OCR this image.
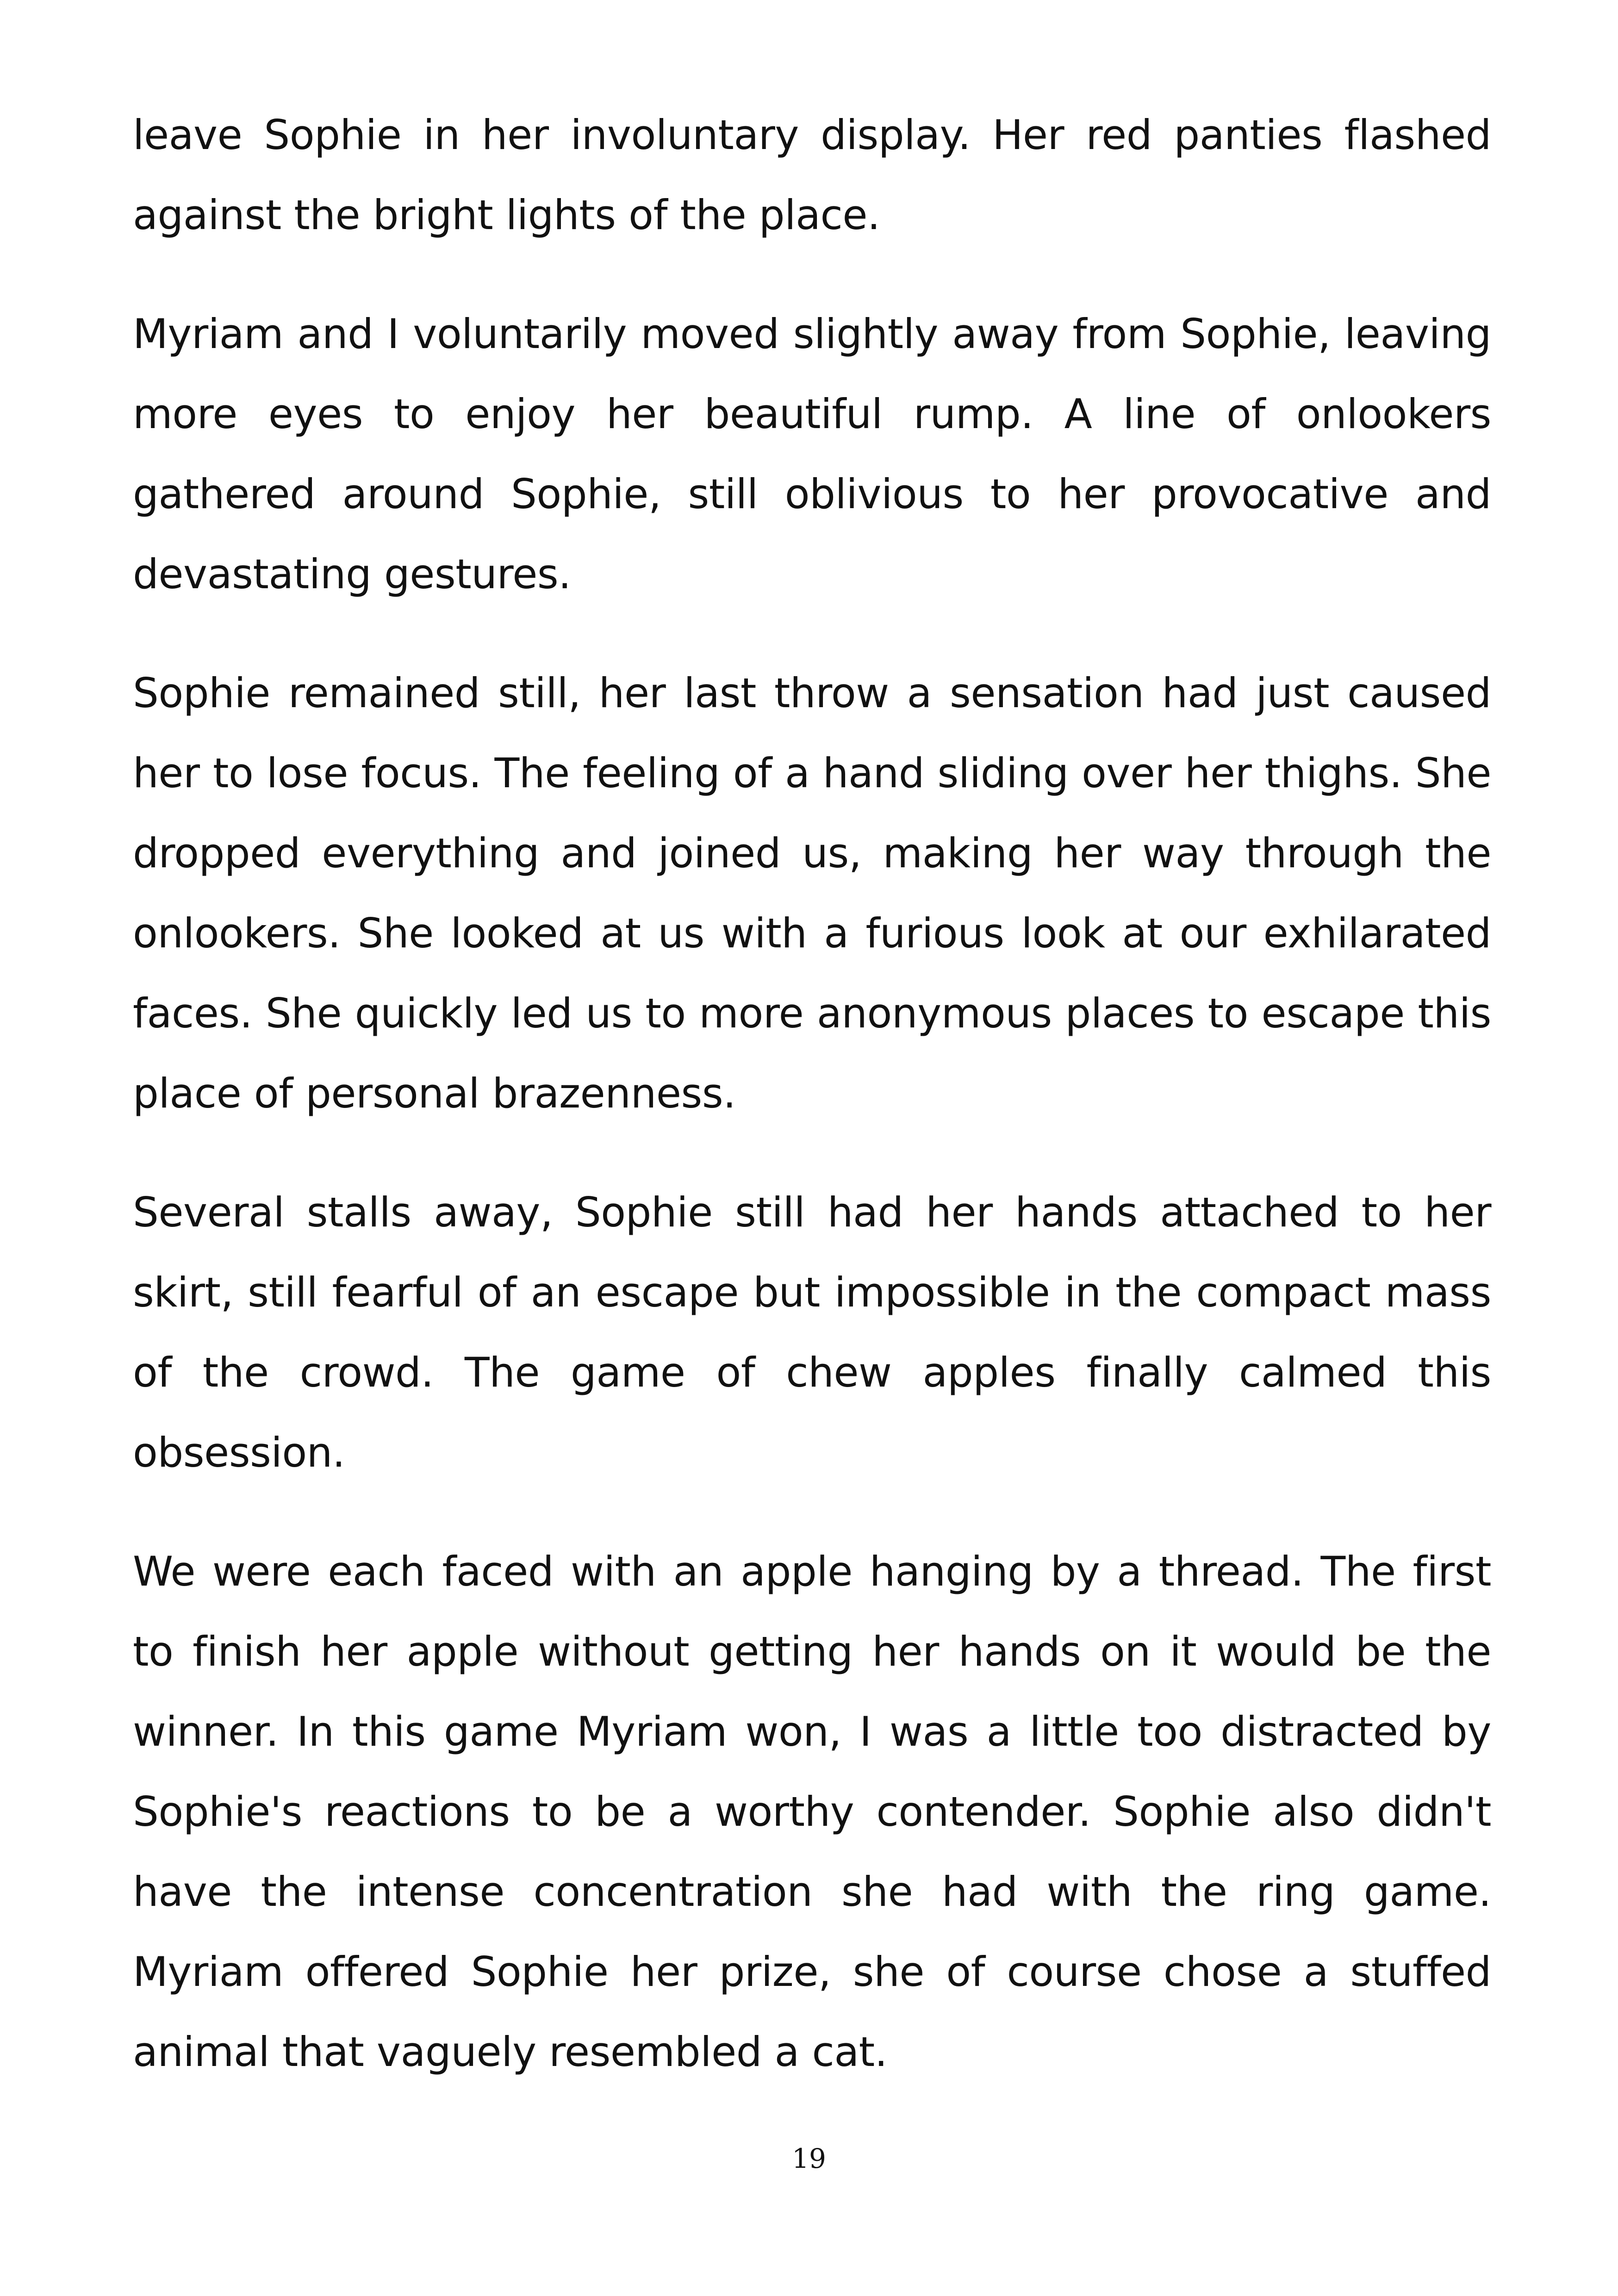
leave Sophie in her involuntary display. Her red panties flashed against the bright lights of the place.

Myriam and I voluntarily moved slightly away from Sophie, leaving more eyes to enjoy her beautiful rump. A line of onlookers gathered around Sophie, still oblivious to her provocative and devastating gestures.

Sophie remained still, her last throw a sensation had just caused her to lose focus. The feeling of a hand sliding over her thighs. She dropped everything and joined us, making her way through the onlookers. She looked at us with a furious look at our exhilarated faces. She quickly led us to more anonymous places to escape this place of personal brazenness.

Several stalls away, Sophie still had her hands attached to her skirt, still fearful of an escape but impossible in the compact mass of the crowd. The game of chew apples finally calmed this obsession.

We were each faced with an apple hanging by a thread. The first to finish her apple without getting her hands on it would be the winner. In this game Myriam won, I was a little too distracted by Sophie's reactions to be a worthy contender. Sophie also didn't have the intense concentration she had with the ring game. Myriam offered Sophie her prize, she of course chose a stuffed animal that vaguely resembled a cat.

19
